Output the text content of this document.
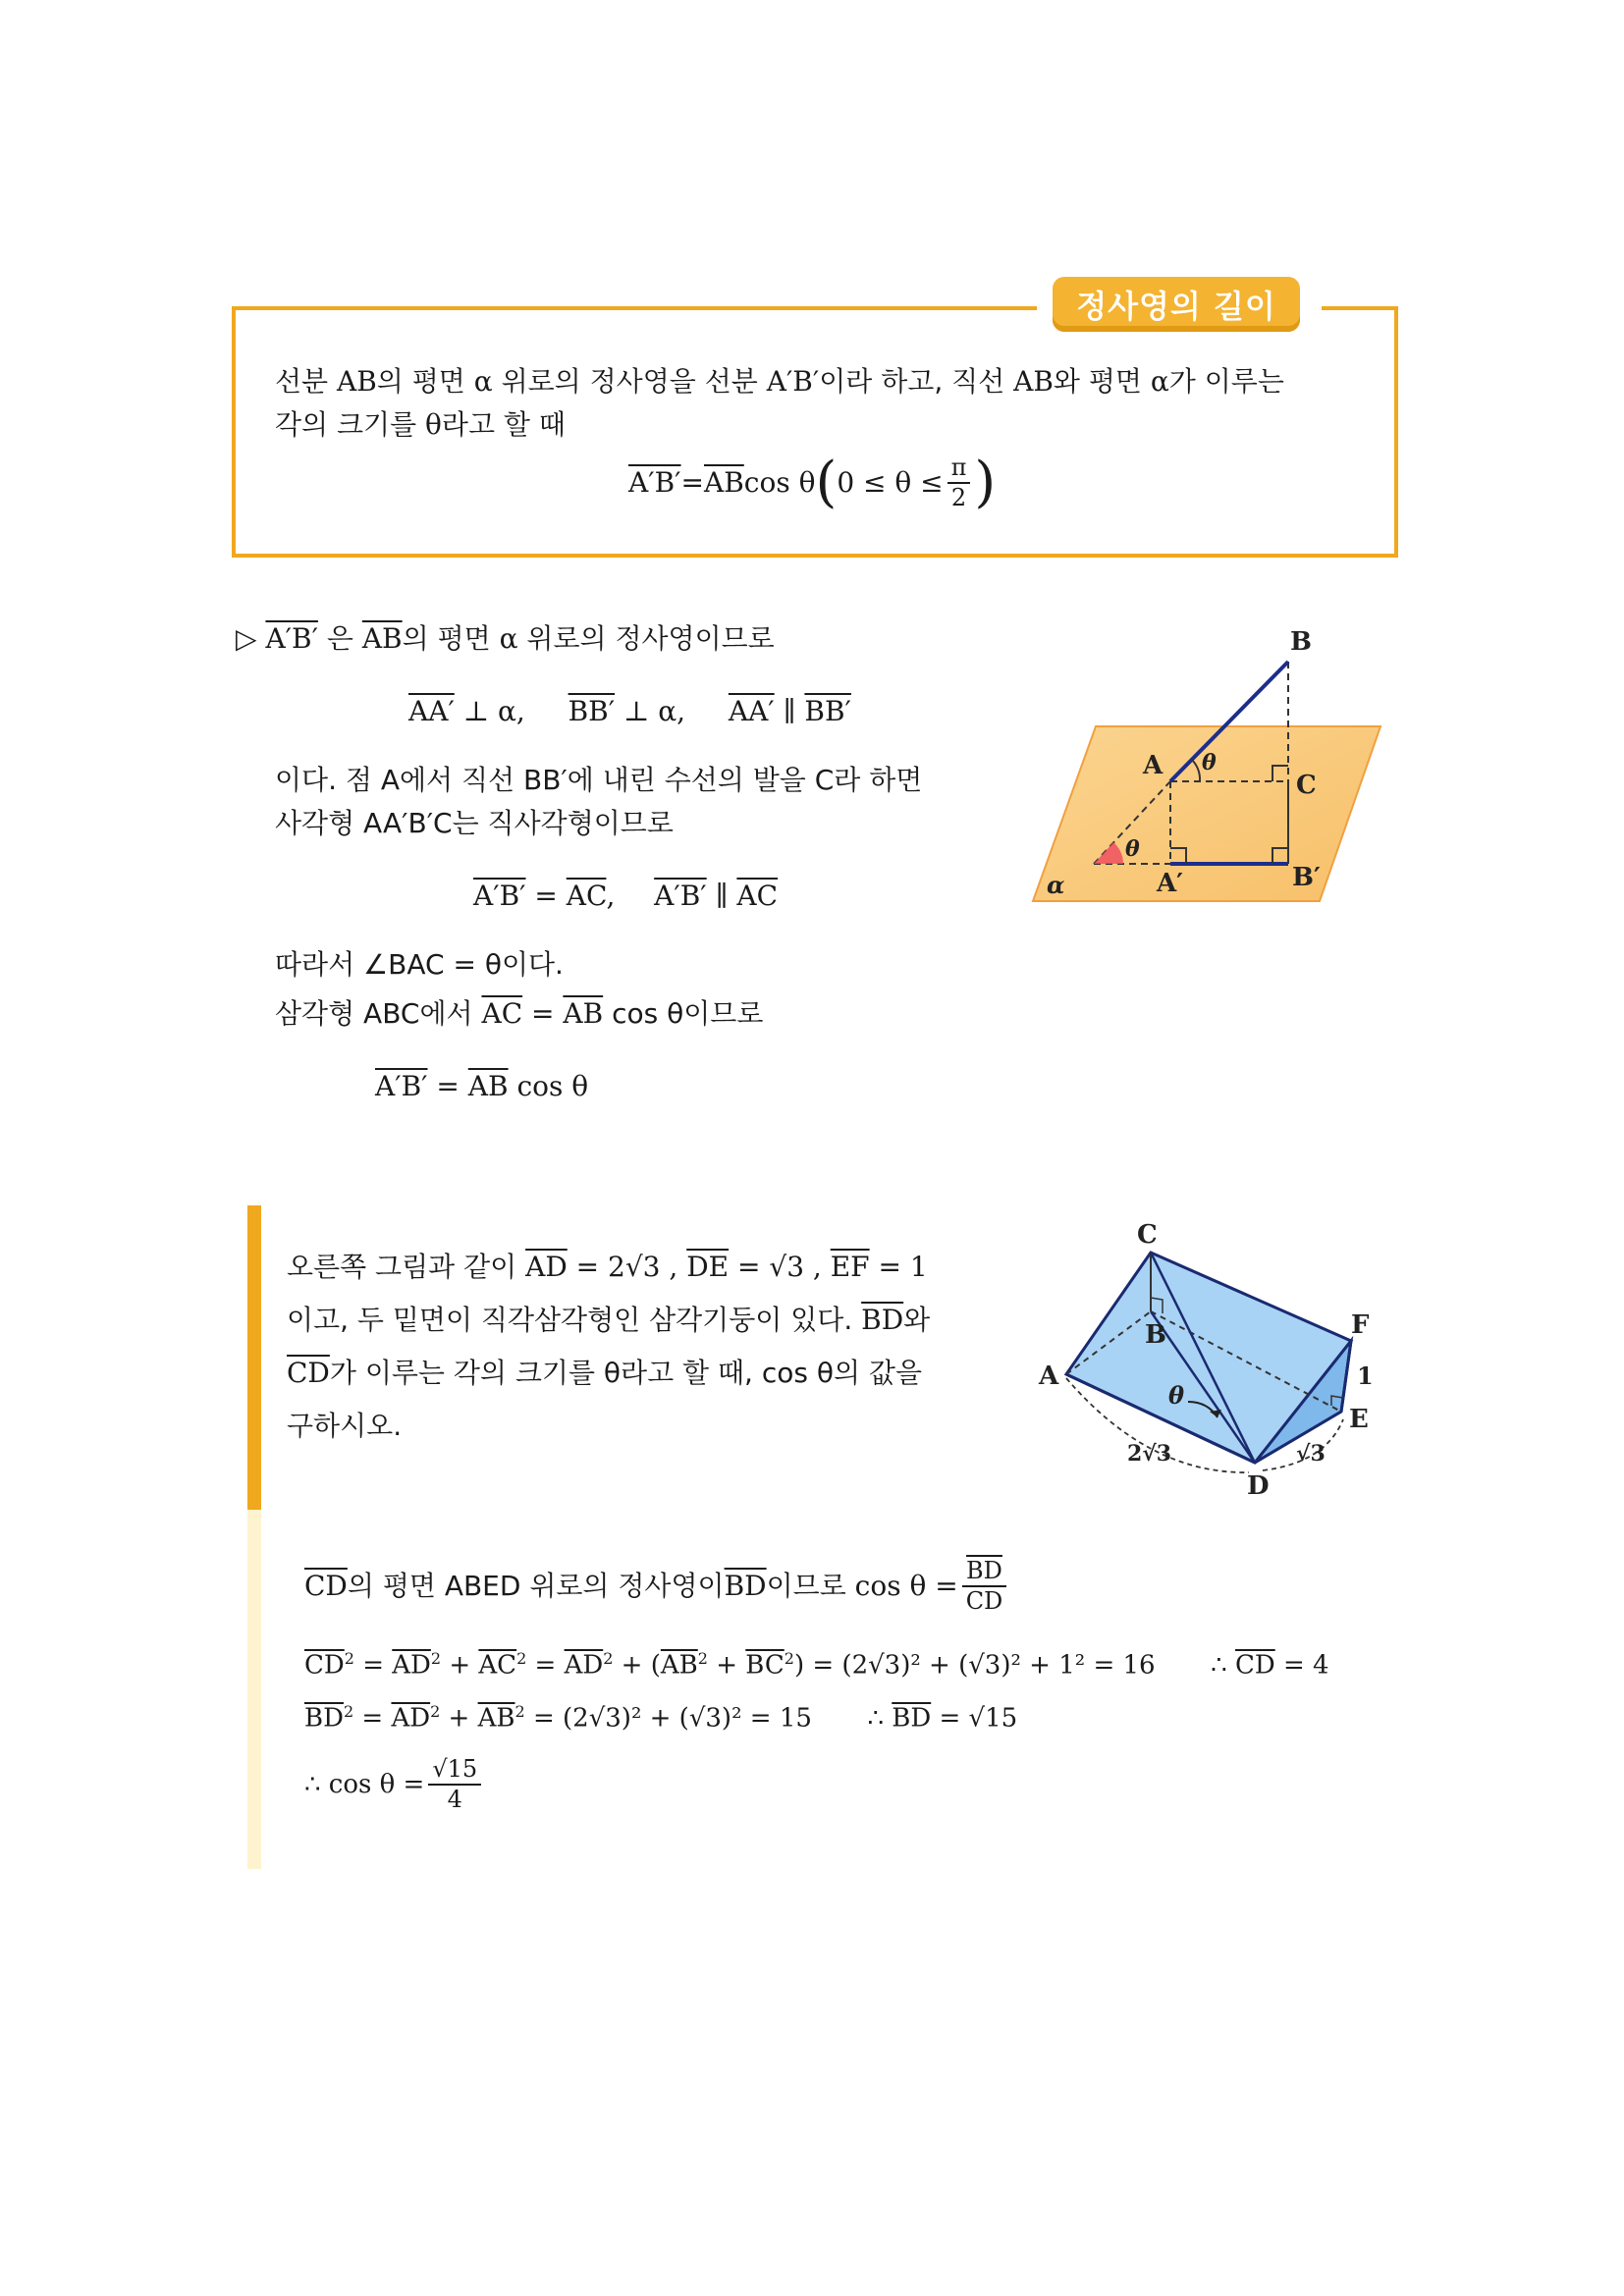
정사영의 길이
선분 AB의 평면 α 위로의 정사영을 선분 A′B′이라 하고, 직선 AB와 평면 α가 이루는
각의 크기를 θ라고 할 때
$A'B' = \overline{AB}$ cos θ ( $0 \le \theta \le \frac{\pi}{2}$ )
▷ A′B′ 은 $\overline{AB}$의 평면 α 위로의 정사영이므로
AA′ ⊥ α, BB′ ⊥ α, AA′ ∥ BB′
이다. 점 A에서 직선 BB′에 내린 수선의 발을 C라 하면
사각형 AA′B′C는 직사각형이므로
$A'B' = \overline{AC}$, A′B′ ∥ $\overline{AC}$
따라서 ∠BAC = θ이다.
삼각형 ABC에서 $\overline{AC} = \overline{AB}$ cos θ이므로
$A'B' = \overline{AB}$ cos θ
B
A
C
A′	B′
α
θ
θ
오른쪽 그림과 같이 $\overline{AD} = 2√3$ , $\overline{DE} = √3$ , $\overline{EF} = 1$
이고, 두 밑면이 직각삼각형인 삼각기둥이 있다. $\overline{BD}$와
$\overline{CD}$가 이루는 각의 크기를 θ라고 할 때, cos θ의 값을
구하시오.
C
B	F
A	1
E
θ
2√3	√3
D
$\overline{CD}$ 의 평면 ABED 위로의 정사영이 $\overline{BD}$ 이므로 $\cos \theta = \frac{\overline{BD}}{CD}$
$\overline{CD}^2 = \overline{AD}^2 + \overline{AC}^2 = \overline{AD}^2 + (\overline{AB}^2 + \overline{BC}^2) = (2√3)^2 + (√3)^2 + 1^2 = 16$ ∴ $\overline{CD} = 4$
$\overline{BD}^2 = \overline{AD}^2 + \overline{AB}^2 = (2√3)^2 + (√3)^2 = 15$ ∴ $\overline{BD} = √15$
∴ $\cos \theta = \frac{√15}{4}$
